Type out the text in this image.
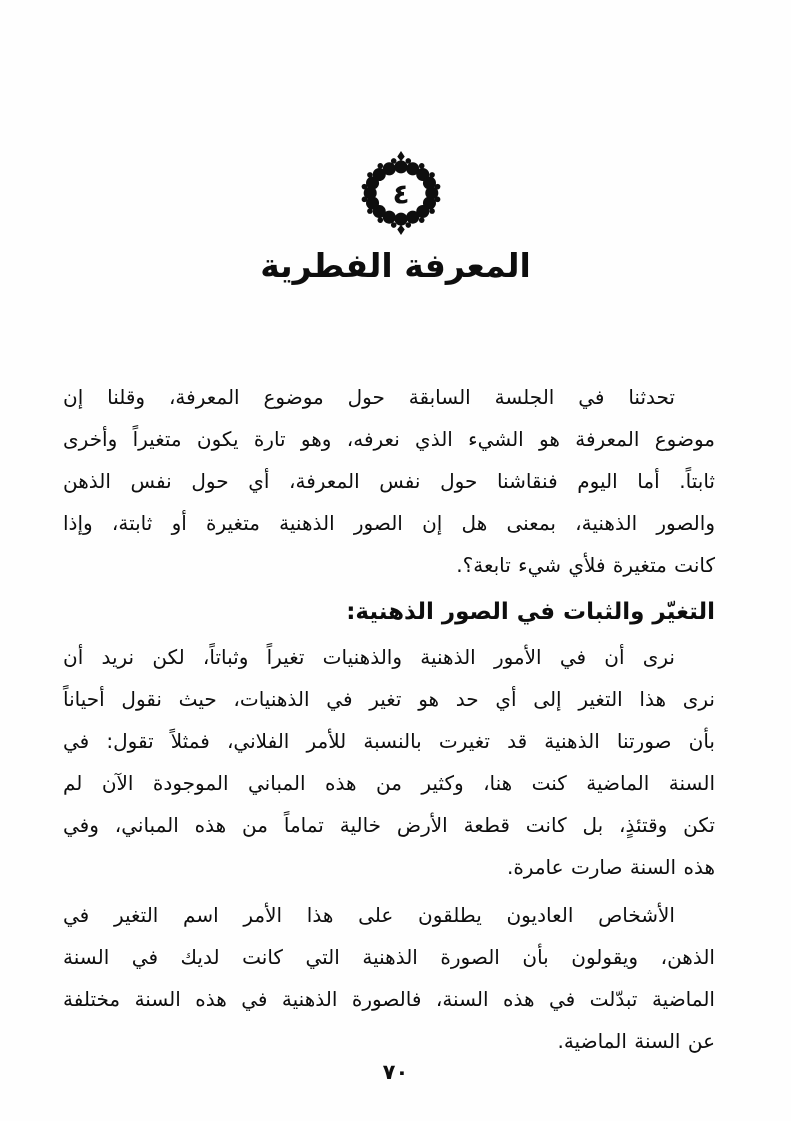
٤
المعرفة الفطرية
تحدثنا في الجلسة السابقة حول موضوع المعرفة، وقلنا إن
موضوع المعرفة هو الشيء الذي نعرفه، وهو تارة يكون متغيراً وأخرى
ثابتاً. أما اليوم فنقاشنا حول نفس المعرفة، أي حول نفس الذهن
والصور الذهنية، بمعنى هل إن الصور الذهنية متغيرة أو ثابتة، وإذا
كانت متغيرة فلأي شيء تابعة؟.
التغيّر والثبات في الصور الذهنية:
نرى أن في الأمور الذهنية والذهنيات تغيراً وثباتاً، لكن نريد أن
نرى هذا التغير إلى أي حد هو تغير في الذهنيات، حيث نقول أحياناً
بأن صورتنا الذهنية قد تغيرت بالنسبة للأمر الفلاني، فمثلاً تقول: في
السنة الماضية كنت هنا، وكثير من هذه المباني الموجودة الآن لم
تكن وقتئذٍ، بل كانت قطعة الأرض خالية تماماً من هذه المباني، وفي
هذه السنة صارت عامرة.
الأشخاص العاديون يطلقون على هذا الأمر اسم التغير في
الذهن، ويقولون بأن الصورة الذهنية التي كانت لديك في السنة
الماضية تبدّلت في هذه السنة، فالصورة الذهنية في هذه السنة مختلفة
عن السنة الماضية.
٧٠
